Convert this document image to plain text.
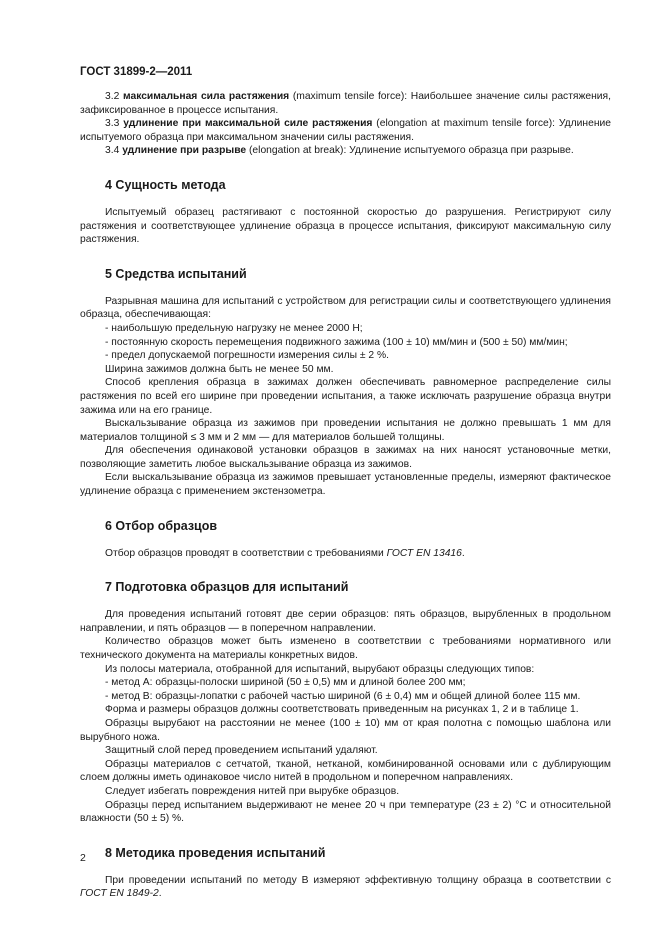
ГОСТ 31899-2—2011

3.2 максимальная сила растяжения (maximum tensile force): Наибольшее значение силы растяжения, зафиксированное в процессе испытания.

3.3 удлинение при максимальной силе растяжения (elongation at maximum tensile force): Удлинение испытуемого образца при максимальном значении силы растяжения.

3.4 удлинение при разрыве (elongation at break): Удлинение испытуемого образца при разрыве.

4 Сущность метода

Испытуемый образец растягивают с постоянной скоростью до разрушения. Регистрируют силу растяжения и соответствующее удлинение образца в процессе испытания, фиксируют максимальную силу растяжения.

5 Средства испытаний

Разрывная машина для испытаний с устройством для регистрации силы и соответствующего удлинения образца, обеспечивающая:

- наибольшую предельную нагрузку не менее 2000 Н;

- постоянную скорость перемещения подвижного зажима (100 ± 10) мм/мин и (500 ± 50) мм/мин;

- предел допускаемой погрешности измерения силы ± 2 %.

Ширина зажимов должна быть не менее 50 мм.

Способ крепления образца в зажимах должен обеспечивать равномерное распределение силы растяжения по всей его ширине при проведении испытания, а также исключать разрушение образца внутри зажима или на его границе.

Выскальзывание образца из зажимов при проведении испытания не должно превышать 1 мм для материалов толщиной ≤ 3 мм и 2 мм — для материалов большей толщины.

Для обеспечения одинаковой установки образцов в зажимах на них наносят установочные метки, позволяющие заметить любое выскальзывание образца из зажимов.

Если выскальзывание образца из зажимов превышает установленные пределы, измеряют фактическое удлинение образца с применением экстензометра.

6 Отбор образцов

Отбор образцов проводят в соответствии с требованиями ГОСТ EN 13416.

7 Подготовка образцов для испытаний

Для проведения испытаний готовят две серии образцов: пять образцов, вырубленных в продольном направлении, и пять образцов — в поперечном направлении.

Количество образцов может быть изменено в соответствии с требованиями нормативного или технического документа на материалы конкретных видов.

Из полосы материала, отобранной для испытаний, вырубают образцы следующих типов:

- метод А: образцы-полоски шириной (50 ± 0,5) мм и длиной более 200 мм;

- метод В: образцы-лопатки с рабочей частью шириной (6 ± 0,4) мм и общей длиной более 115 мм.

Форма и размеры образцов должны соответствовать приведенным на рисунках 1, 2 и в таблице 1.

Образцы вырубают на расстоянии не менее (100 ± 10) мм от края полотна с помощью шаблона или вырубного ножа.

Защитный слой перед проведением испытаний удаляют.

Образцы материалов с сетчатой, тканой, нетканой, комбинированной основами или с дублирующим слоем должны иметь одинаковое число нитей в продольном и поперечном направлениях.

Следует избегать повреждения нитей при вырубке образцов.

Образцы перед испытанием выдерживают не менее 20 ч при температуре (23 ± 2) °С и относительной влажности (50 ± 5) %.

8 Методика проведения испытаний

При проведении испытаний по методу В измеряют эффективную толщину образца в соответствии с ГОСТ EN 1849-2.

2
